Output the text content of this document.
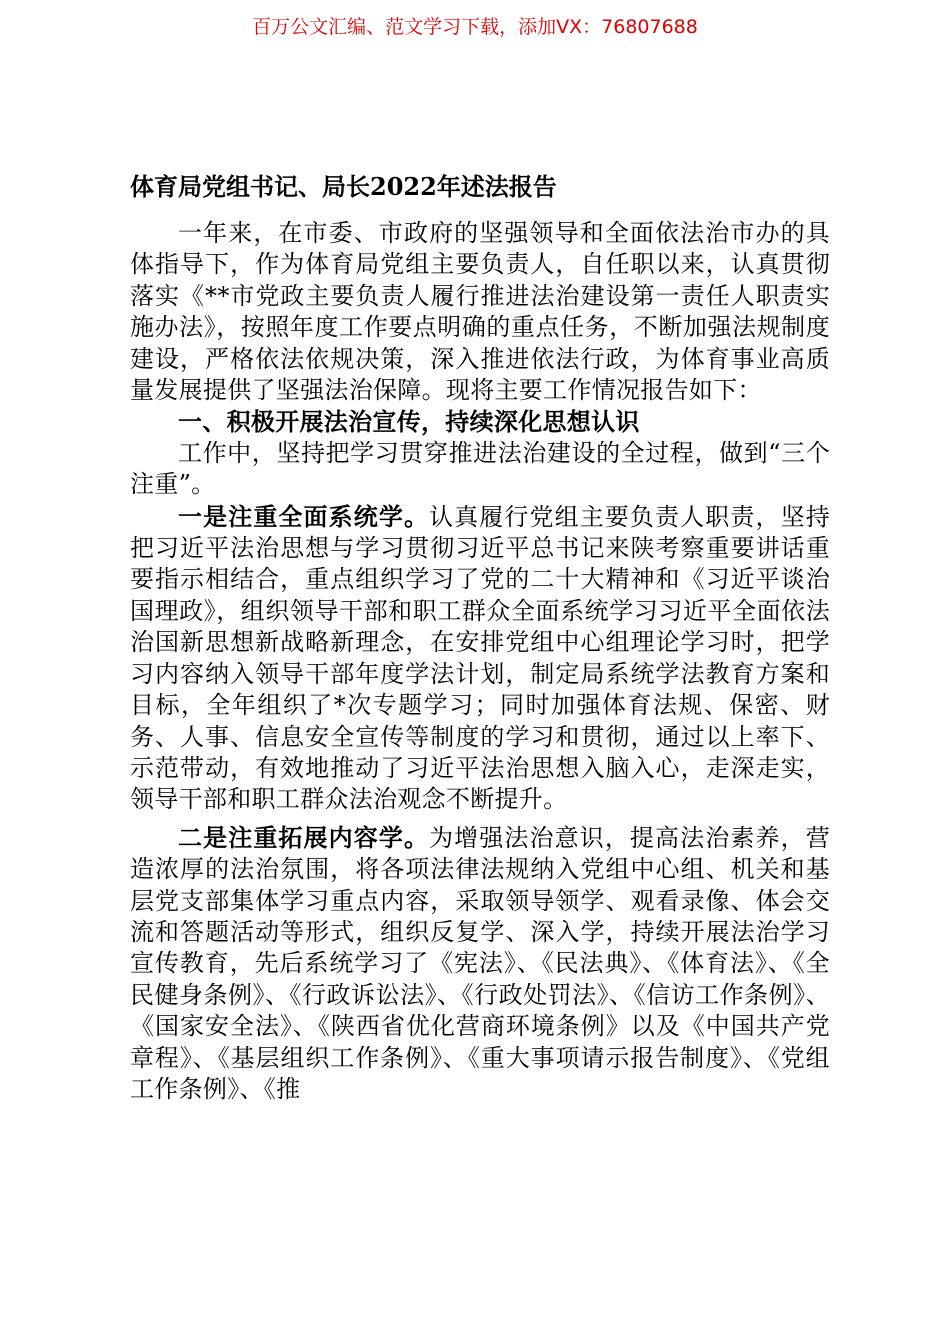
百万公文汇编、范文学习下载，添加VX：76807688
体育局党组书记、局长2022年述法报告

一年来，在市委、市政府的坚强领导和全面依法治市办的具体指导下，作为体育局党组主要负责人，自任职以来，认真贯彻落实《**市党政主要负责人履行推进法治建设第一责任人职责实施办法》，按照年度工作要点明确的重点任务，不断加强法规制度建设，严格依法依规决策，深入推进依法行政，为体育事业高质量发展提供了坚强法治保障。现将主要工作情况报告如下：

一、积极开展法治宣传，持续深化思想认识

工作中，坚持把学习贯穿推进法治建设的全过程，做到“三个注重”。

一是注重全面系统学。认真履行党组主要负责人职责，坚持把习近平法治思想与学习贯彻习近平总书记来陕考察重要讲话重要指示相结合，重点组织学习了党的二十大精神和《习近平谈治国理政》，组织领导干部和职工群众全面系统学习习近平全面依法治国新思想新战略新理念，在安排党组中心组理论学习时，把学习内容纳入领导干部年度学法计划，制定局系统学法教育方案和目标，全年组织了*次专题学习；同时加强体育法规、保密、财务、人事、信息安全宣传等制度的学习和贯彻，通过以上率下、示范带动，有效地推动了习近平法治思想入脑入心，走深走实，领导干部和职工群众法治观念不断提升。

二是注重拓展内容学。为增强法治意识，提高法治素养，营造浓厚的法治氛围，将各项法律法规纳入党组中心组、机关和基层党支部集体学习重点内容，采取领导领学、观看录像、体会交流和答题活动等形式，组织反复学、深入学，持续开展法治学习宣传教育，先后系统学习了《宪法》、《民法典》、《体育法》、《全民健身条例》、《行政诉讼法》、《行政处罚法》、《信访工作条例》、《国家安全法》、《陕西省优化营商环境条例》以及《中国共产党章程》、《基层组织工作条例》、《重大事项请示报告制度》、《党组工作条例》、《推
